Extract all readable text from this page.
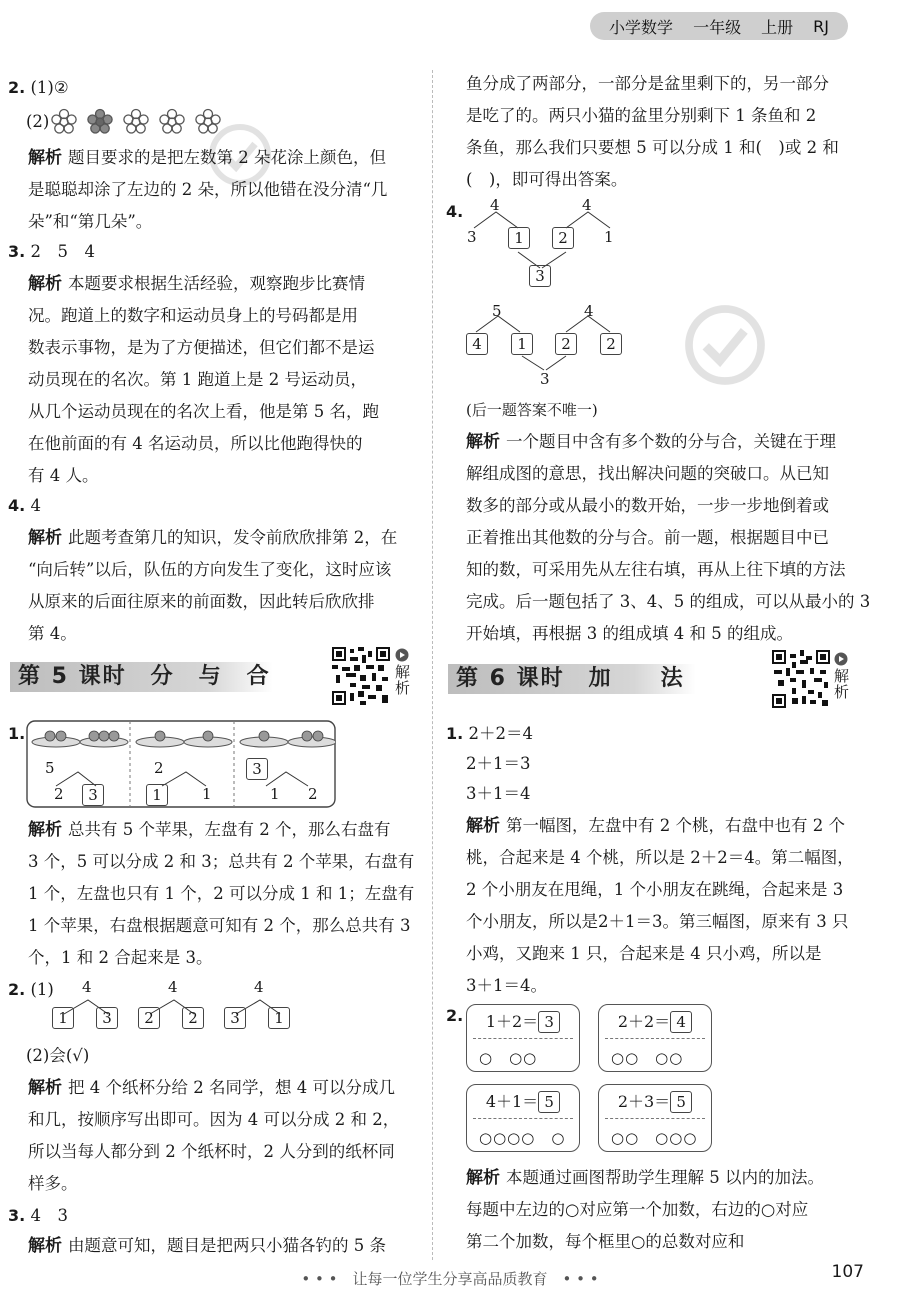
小学数学 一年级 上册 RJ
2. (1)②
(2)
解析 题目要求的是把左数第 2 朵花涂上颜色，但
是聪聪却涂了左边的 2 朵，所以他错在没分清“几
朵”和“第几朵”。
3. 2　5　4
解析 本题要求根据生活经验，观察跑步比赛情
况。跑道上的数字和运动员身上的号码都是用
数表示事物，是为了方便描述，但它们都不是运
动员现在的名次。第 1 跑道上是 2 号运动员，
从几个运动员现在的名次上看，他是第 5 名，跑
在他前面的有 4 名运动员，所以比他跑得快的
有 4 人。
4. 4
解析 此题考查第几的知识，发令前欣欣排第 2，在
“向后转”以后，队伍的方向发生了变化，这时应该
从原来的后面往原来的前面数，因此转后欣欣排
第 4。
第 5 课时　分　与　合	解析
1.
5
2	3
2
1	1
3
1 2
解析 总共有 5 个苹果，左盘有 2 个，那么右盘有
3 个，5 可以分成 2 和 3；总共有 2 个苹果，右盘有
1 个，左盘也只有 1 个，2 可以分成 1 和 1；左盘有
1 个苹果，右盘根据题意可知有 2 个，那么总共有 3
个，1 和 2 合起来是 3。
2. (1) 4
1	3
4
2	2
4
3	1
(2)会(√)
解析 把 4 个纸杯分给 2 名同学，想 4 可以分成几
和几，按顺序写出即可。因为 4 可以分成 2 和 2，
所以当每人都分到 2 个纸杯时，2 人分到的纸杯同
样多。
3. 4　3
解析 由题意可知，题目是把两只小猫各钓的 5 条
鱼分成了两部分，一部分是盆里剩下的，另一部分
是吃了的。两只小猫的盆里分别剩下 1 条鱼和 2
条鱼，那么我们只要想 5 可以分成 1 和(　)或 2 和
(　)，即可得出答案。
4. 4	4
3	1	2	1
3
5	4
4	1	2	2
3
(后一题答案不唯一)
解析 一个题目中含有多个数的分与合，关键在于理
解组成图的意思，找出解决问题的突破口。从已知
数多的部分或从最小的数开始，一步一步地倒着或
正着推出其他数的分与合。前一题，根据题目中已
知的数，可采用先从左往右填，再从上往下填的方法
完成。后一题包括了 3、4、5 的组成，可以从最小的 3
开始填，再根据 3 的组成填 4 和 5 的组成。
第 6 课时　加　　法	解析
1. 2＋2＝4
2＋1＝3
3＋1＝4
解析 第一幅图，左盘中有 2 个桃，右盘中也有 2 个
桃，合起来是 4 个桃，所以是 2＋2＝4。第二幅图，
2 个小朋友在甩绳，1 个小朋友在跳绳，合起来是 3
个小朋友，所以是2＋1＝3。第三幅图，原来有 3 只
小鸡，又跑来 1 只，合起来是 4 只小鸡，所以是
3＋1＝4。
2.	1＋2＝ 3
○　○○
2＋2＝ 4
○○　○○
4＋1＝ 5
○○○○　○
2＋3＝ 5
○○　○○○
解析 本题通过画图帮助学生理解 5 以内的加法。
每题中左边的○对应第一个加数，右边的○对应
第二个加数，每个框里○的总数对应和
• • •　让每一位学生分享高品质教育　• • •	107
